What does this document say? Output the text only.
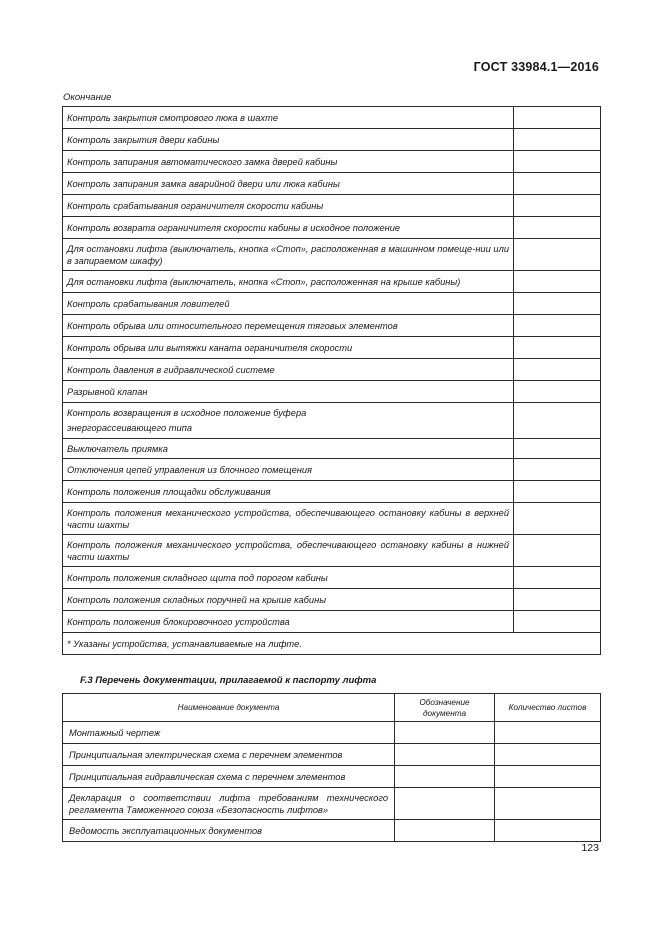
ГОСТ 33984.1—2016
Окончание
Контроль закрытия смотрового люка в шахте	
Контроль закрытия двери кабины	
Контроль запирания автоматического замка дверей кабины	
Контроль запирания замка аварийной двери или люка кабины	
Контроль срабатывания ограничителя скорости кабины	
Контроль возврата ограничителя скорости кабины в исходное положение	
Для остановки лифта (выключатель, кнопка «Стоп», расположенная в машинном помеще-нии или в запираемом шкафу)	
Для остановки лифта (выключатель, кнопка «Стоп», расположенная на крыше кабины)	
Контроль срабатывания ловителей	
Контроль обрыва или относительного перемещения тяговых элементов	
Контроль обрыва или вытяжки каната ограничителя скорости	
Контроль давления в гидравлической системе	
Разрывной клапан	

Контроль возвращения в исходное положение буфера
энергорассеивающего типа	

Выключатель приямка	
Отключения цепей управления из блочного помещения	
Контроль положения площадки обслуживания	
Контроль положения механического устройства, обеспечивающего остановку кабины в верхней части шахты	
Контроль положения механического устройства, обеспечивающего остановку кабины в нижней части шахты	
Контроль положения складного щита под порогом кабины	
Контроль положения складных поручней на крыше кабины	
Контроль положения блокировочного устройства	
* Указаны устройства, устанавливаемые на лифте.	
F.3 Перечень документации, прилагаемой к паспорту лифта
Наименование документа	Обозначение документа	Количество листов
Монтажный чертеж		
Принципиальная электрическая схема с перечнем элементов		
Принципиальная гидравлическая схема с перечнем элементов		
Декларация о соответствии лифта требованиям технического регламента Таможенного союза «Безопасность лифтов»		
Ведомость эксплуатационных документов		
123
